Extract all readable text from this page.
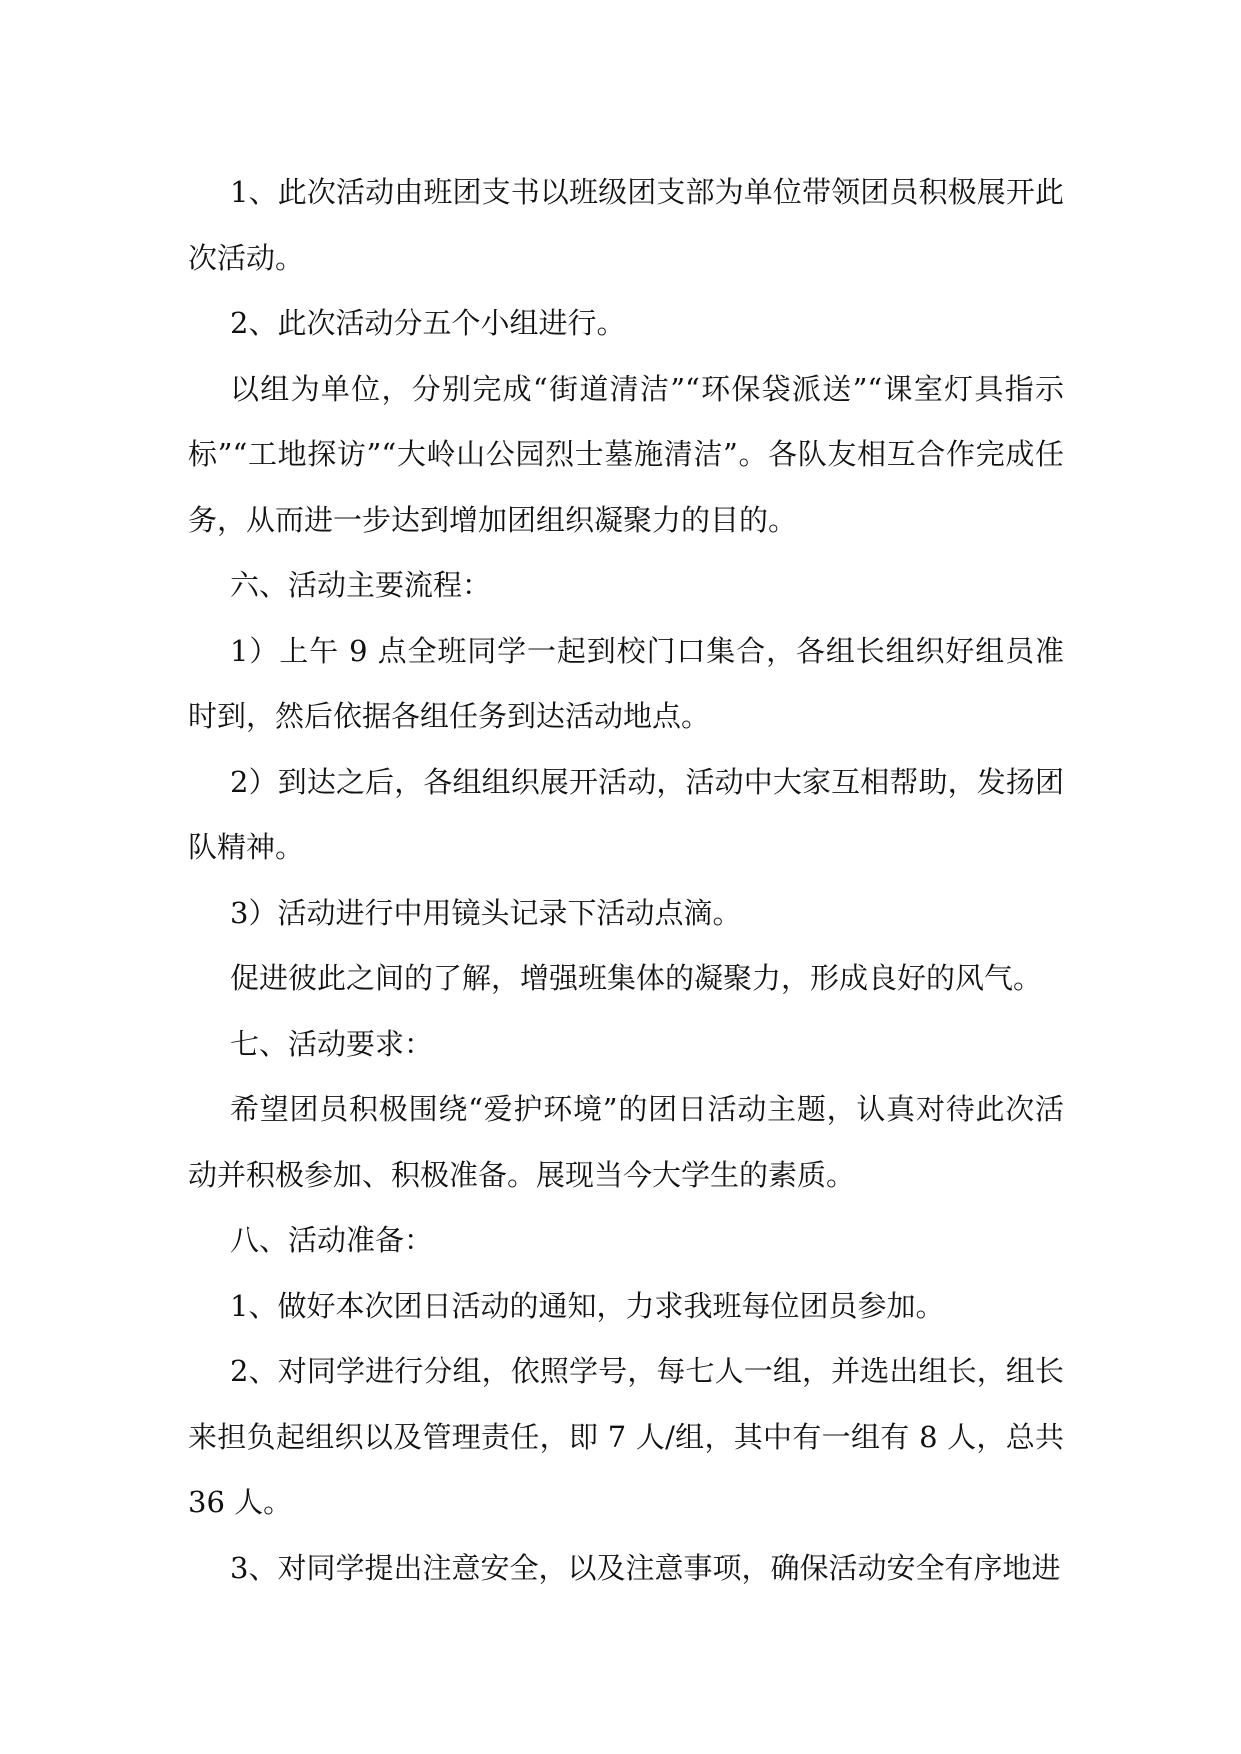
1、此次活动由班团支书以班级团支部为单位带领团员积极展开此次活动。

2、此次活动分五个小组进行。

以组为单位，分别完成“街道清洁”“环保袋派送”“课室灯具指示标”“工地探访”“大岭山公园烈士墓施清洁”。各队友相互合作完成任务，从而进一步达到增加团组织凝聚力的目的。

六、活动主要流程：

1）上午 9 点全班同学一起到校门口集合，各组长组织好组员准时到，然后依据各组任务到达活动地点。

2）到达之后，各组组织展开活动，活动中大家互相帮助，发扬团队精神。

3）活动进行中用镜头记录下活动点滴。

促进彼此之间的了解，增强班集体的凝聚力，形成良好的风气。

七、活动要求：

希望团员积极围绕“爱护环境”的团日活动主题，认真对待此次活动并积极参加、积极准备。展现当今大学生的素质。

八、活动准备：

1、做好本次团日活动的通知，力求我班每位团员参加。

2、对同学进行分组，依照学号，每七人一组，并选出组长，组长来担负起组织以及管理责任，即 7 人/组，其中有一组有 8 人，总共 36 人。

3、对同学提出注意安全，以及注意事项，确保活动安全有序地进
